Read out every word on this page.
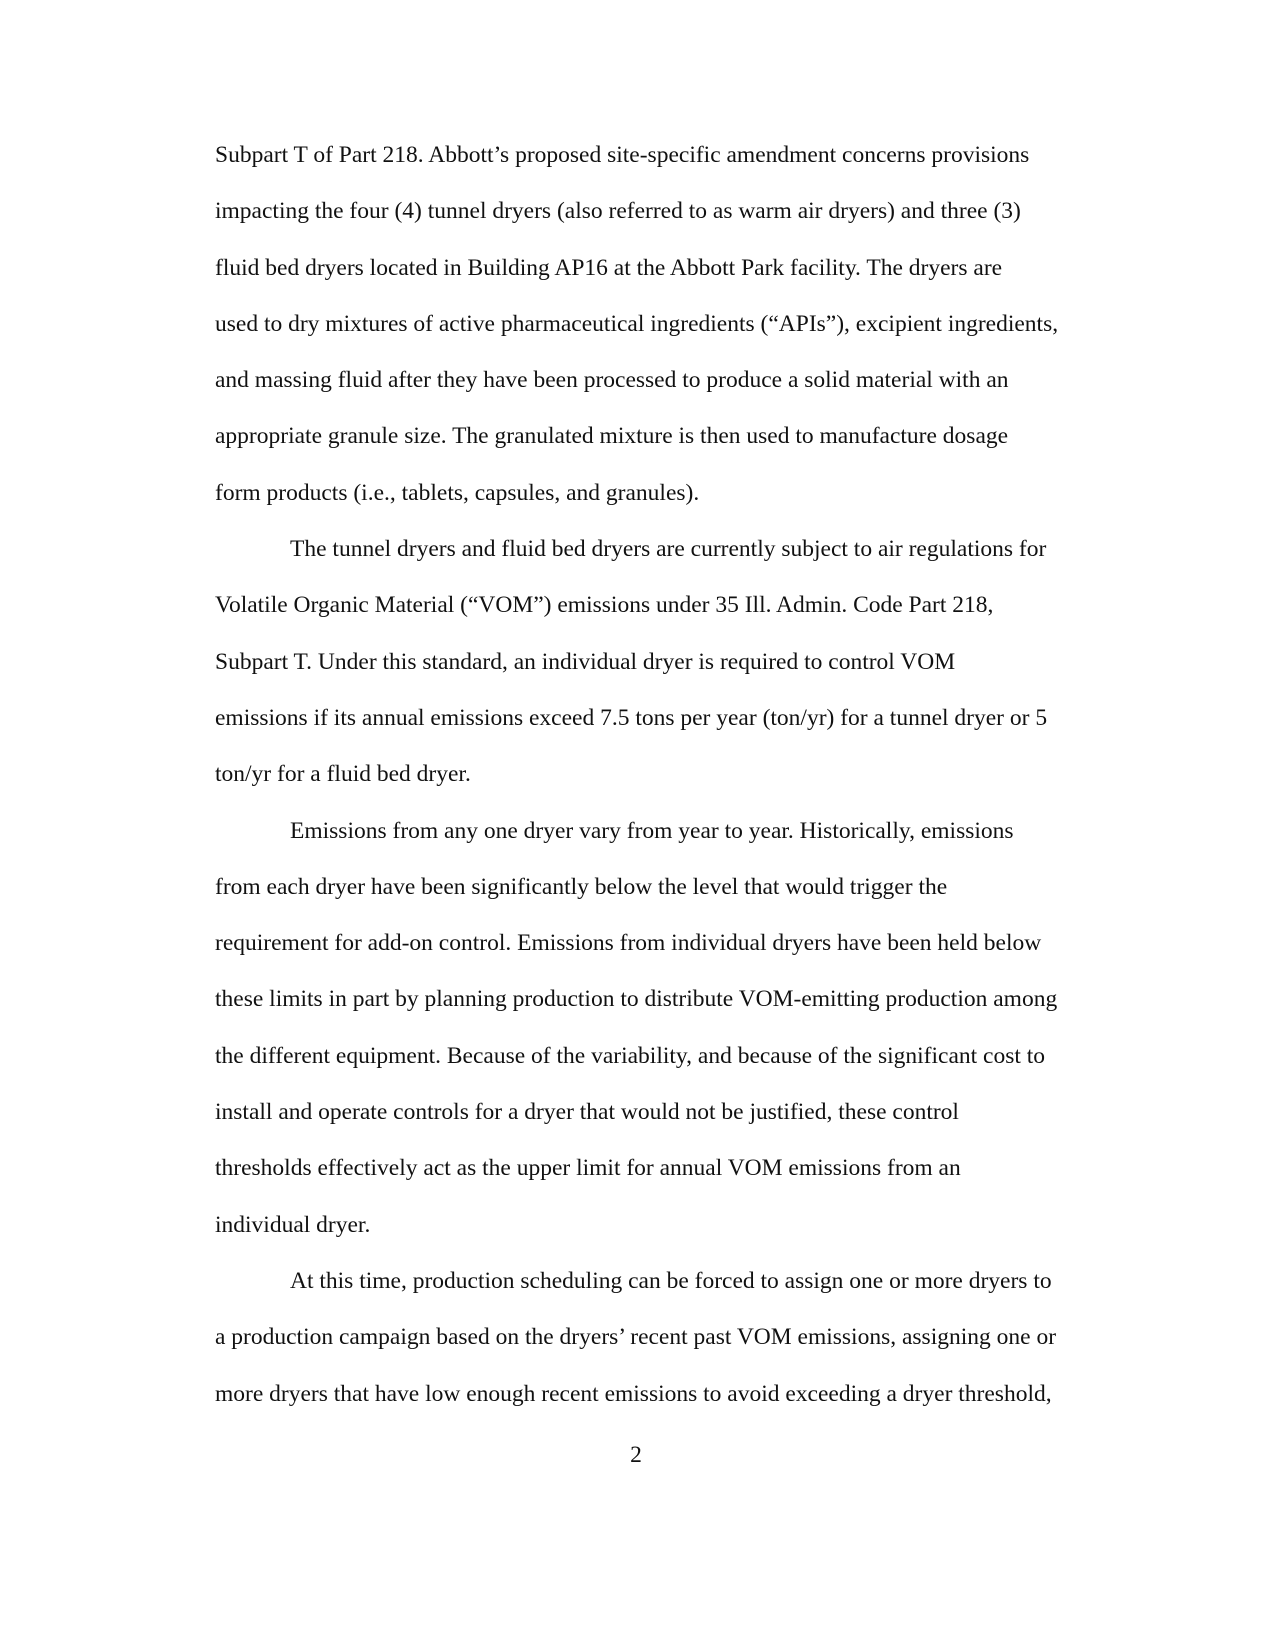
Subpart T of Part 218. Abbott’s proposed site-specific amendment concerns provisions
impacting the four (4) tunnel dryers (also referred to as warm air dryers) and three (3)
fluid bed dryers located in Building AP16 at the Abbott Park facility. The dryers are
used to dry mixtures of active pharmaceutical ingredients (“APIs”), excipient ingredients,
and massing fluid after they have been processed to produce a solid material with an
appropriate granule size. The granulated mixture is then used to manufacture dosage
form products (i.e., tablets, capsules, and granules).

The tunnel dryers and fluid bed dryers are currently subject to air regulations for
Volatile Organic Material (“VOM”) emissions under 35 Ill. Admin. Code Part 218,
Subpart T. Under this standard, an individual dryer is required to control VOM
emissions if its annual emissions exceed 7.5 tons per year (ton/yr) for a tunnel dryer or 5
ton/yr for a fluid bed dryer.

Emissions from any one dryer vary from year to year. Historically, emissions
from each dryer have been significantly below the level that would trigger the
requirement for add-on control. Emissions from individual dryers have been held below
these limits in part by planning production to distribute VOM-emitting production among
the different equipment. Because of the variability, and because of the significant cost to
install and operate controls for a dryer that would not be justified, these control
thresholds effectively act as the upper limit for annual VOM emissions from an
individual dryer.

At this time, production scheduling can be forced to assign one or more dryers to
a production campaign based on the dryers’ recent past VOM emissions, assigning one or
more dryers that have low enough recent emissions to avoid exceeding a dryer threshold,

2
